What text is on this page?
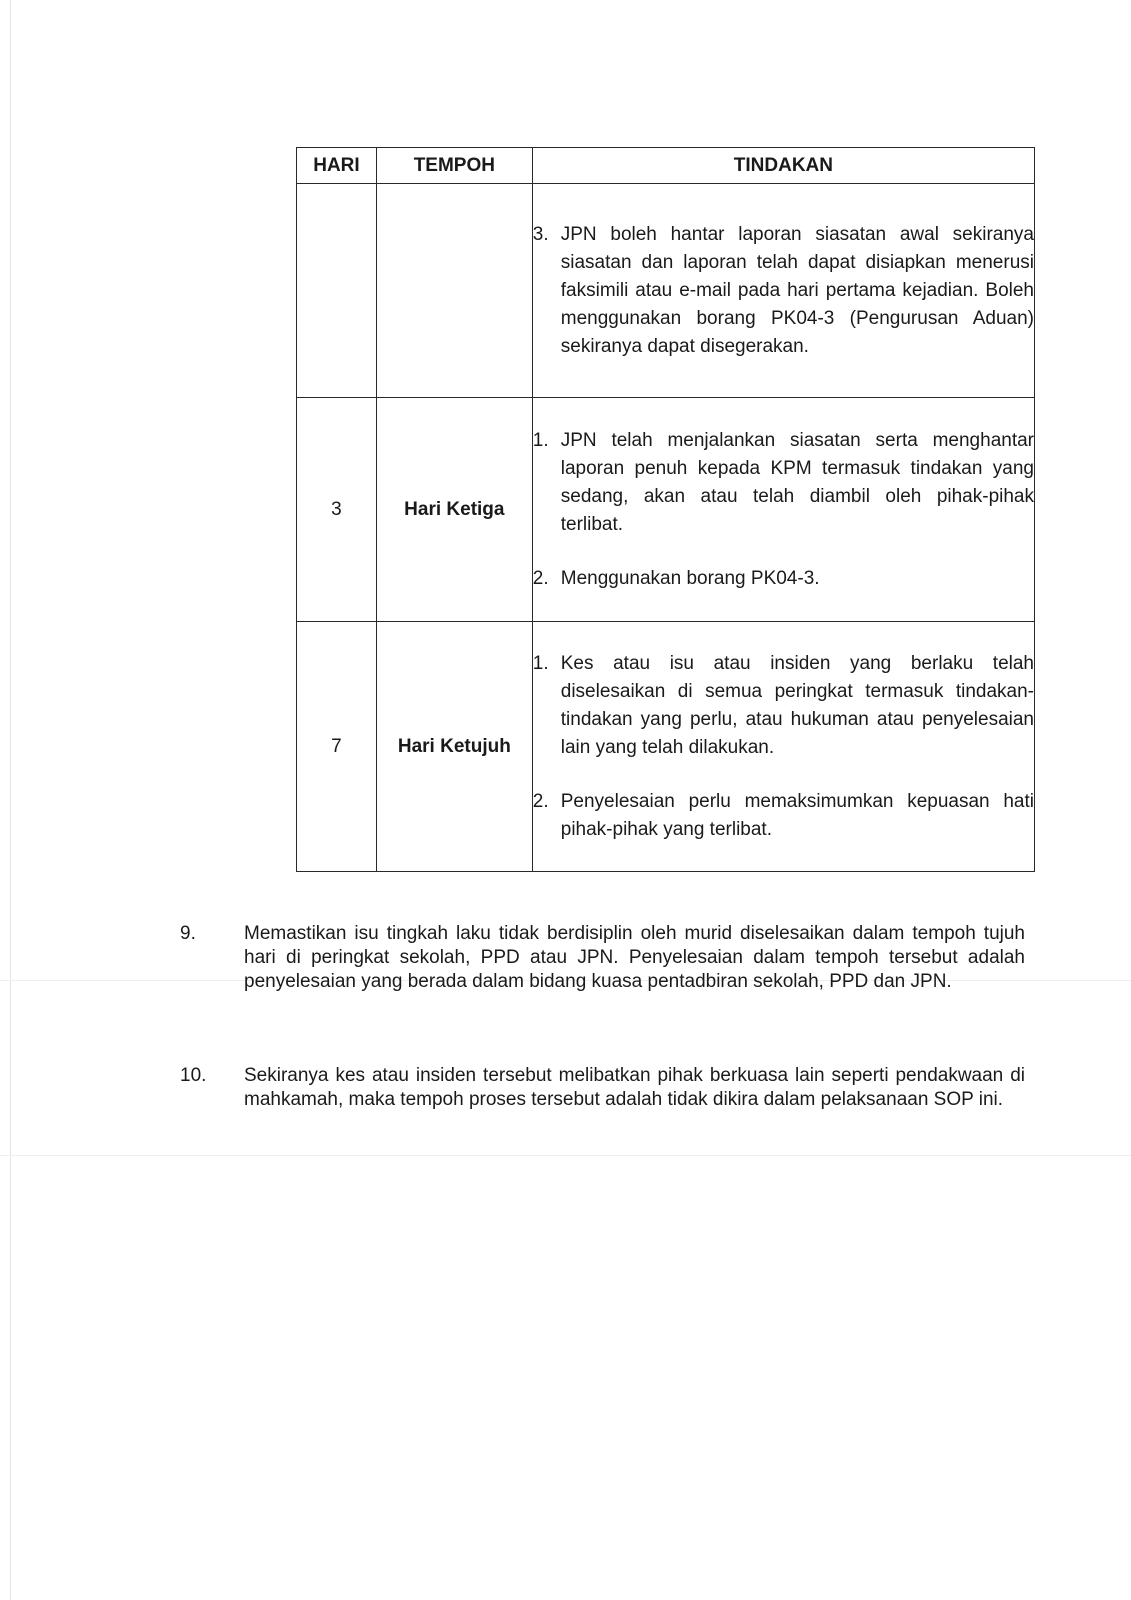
HARI	TEMPOH	TINDAKAN

		3. JPN boleh hantar laporan siasatan awal sekiranya siasatan dan laporan telah dapat disiapkan menerusi faksimili atau e-mail pada hari pertama kejadian. Boleh menggunakan borang PK04-3 (Pengurusan Aduan) sekiranya dapat disegerakan.

3	Hari Ketiga	1. JPN telah menjalankan siasatan serta menghantar laporan penuh kepada KPM termasuk tindakan yang sedang, akan atau telah diambil oleh pihak-pihak terlibat.
2. Menggunakan borang PK04-3.

7	Hari Ketujuh	1. Kes atau isu atau insiden yang berlaku telah diselesaikan di semua peringkat termasuk tindakan-tindakan yang perlu, atau hukuman atau penyelesaian lain yang telah dilakukan.
2. Penyelesaian perlu memaksimumkan kepuasan hati pihak-pihak yang terlibat.
9.	Memastikan isu tingkah laku tidak berdisiplin oleh murid diselesaikan dalam tempoh tujuh hari di peringkat sekolah, PPD atau JPN. Penyelesaian dalam tempoh tersebut adalah penyelesaian yang berada dalam bidang kuasa pentadbiran sekolah, PPD dan JPN.
10.	Sekiranya kes atau insiden tersebut melibatkan pihak berkuasa lain seperti pendakwaan di mahkamah, maka tempoh proses tersebut adalah tidak dikira dalam pelaksanaan SOP ini.
